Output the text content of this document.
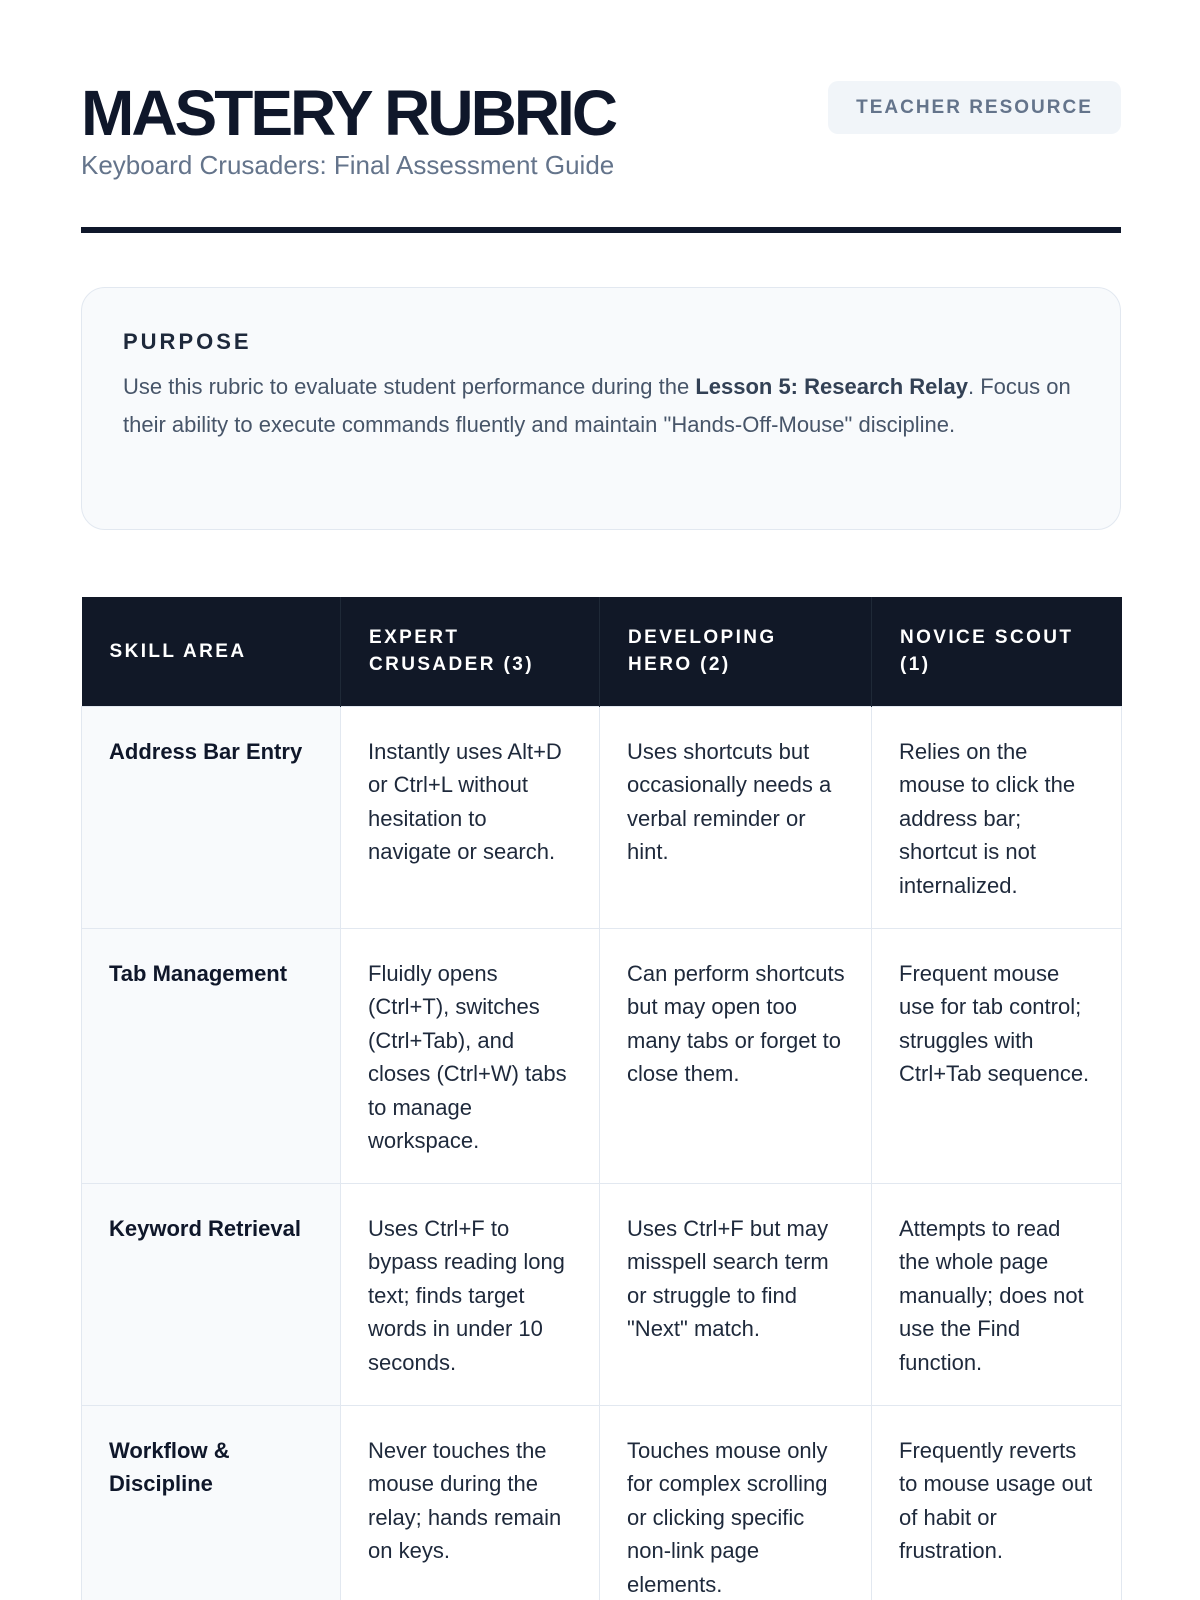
MASTERY RUBRIC
Keyboard Crusaders: Final Assessment Guide
TEACHER RESOURCE
PURPOSE

Use this rubric to evaluate student performance during the Lesson 5: Research Relay. Focus on their ability to execute commands fluently and maintain "Hands-Off-Mouse" discipline.

SKILL AREA	EXPERT CRUSADER (3)	DEVELOPING HERO (2)	NOVICE SCOUT (1)
Address Bar Entry	Instantly uses Alt+D or Ctrl+L without hesitation to navigate or search.	Uses shortcuts but occasionally needs a verbal reminder or hint.	Relies on the mouse to click the address bar; shortcut is not internalized.
Tab Management	Fluidly opens (Ctrl+T), switches (Ctrl+Tab), and closes (Ctrl+W) tabs to manage workspace.	Can perform shortcuts but may open too many tabs or forget to close them.	Frequent mouse use for tab control; struggles with Ctrl+Tab sequence.
Keyword Retrieval	Uses Ctrl+F to bypass reading long text; finds target words in under 10 seconds.	Uses Ctrl+F but may misspell search term or struggle to find "Next" match.	Attempts to read the whole page manually; does not use the Find function.
Workflow & Discipline	Never touches the mouse during the relay; hands remain on keys.	Touches mouse only for complex scrolling or clicking specific non-link page elements.	Frequently reverts to mouse usage out of habit or frustration.
